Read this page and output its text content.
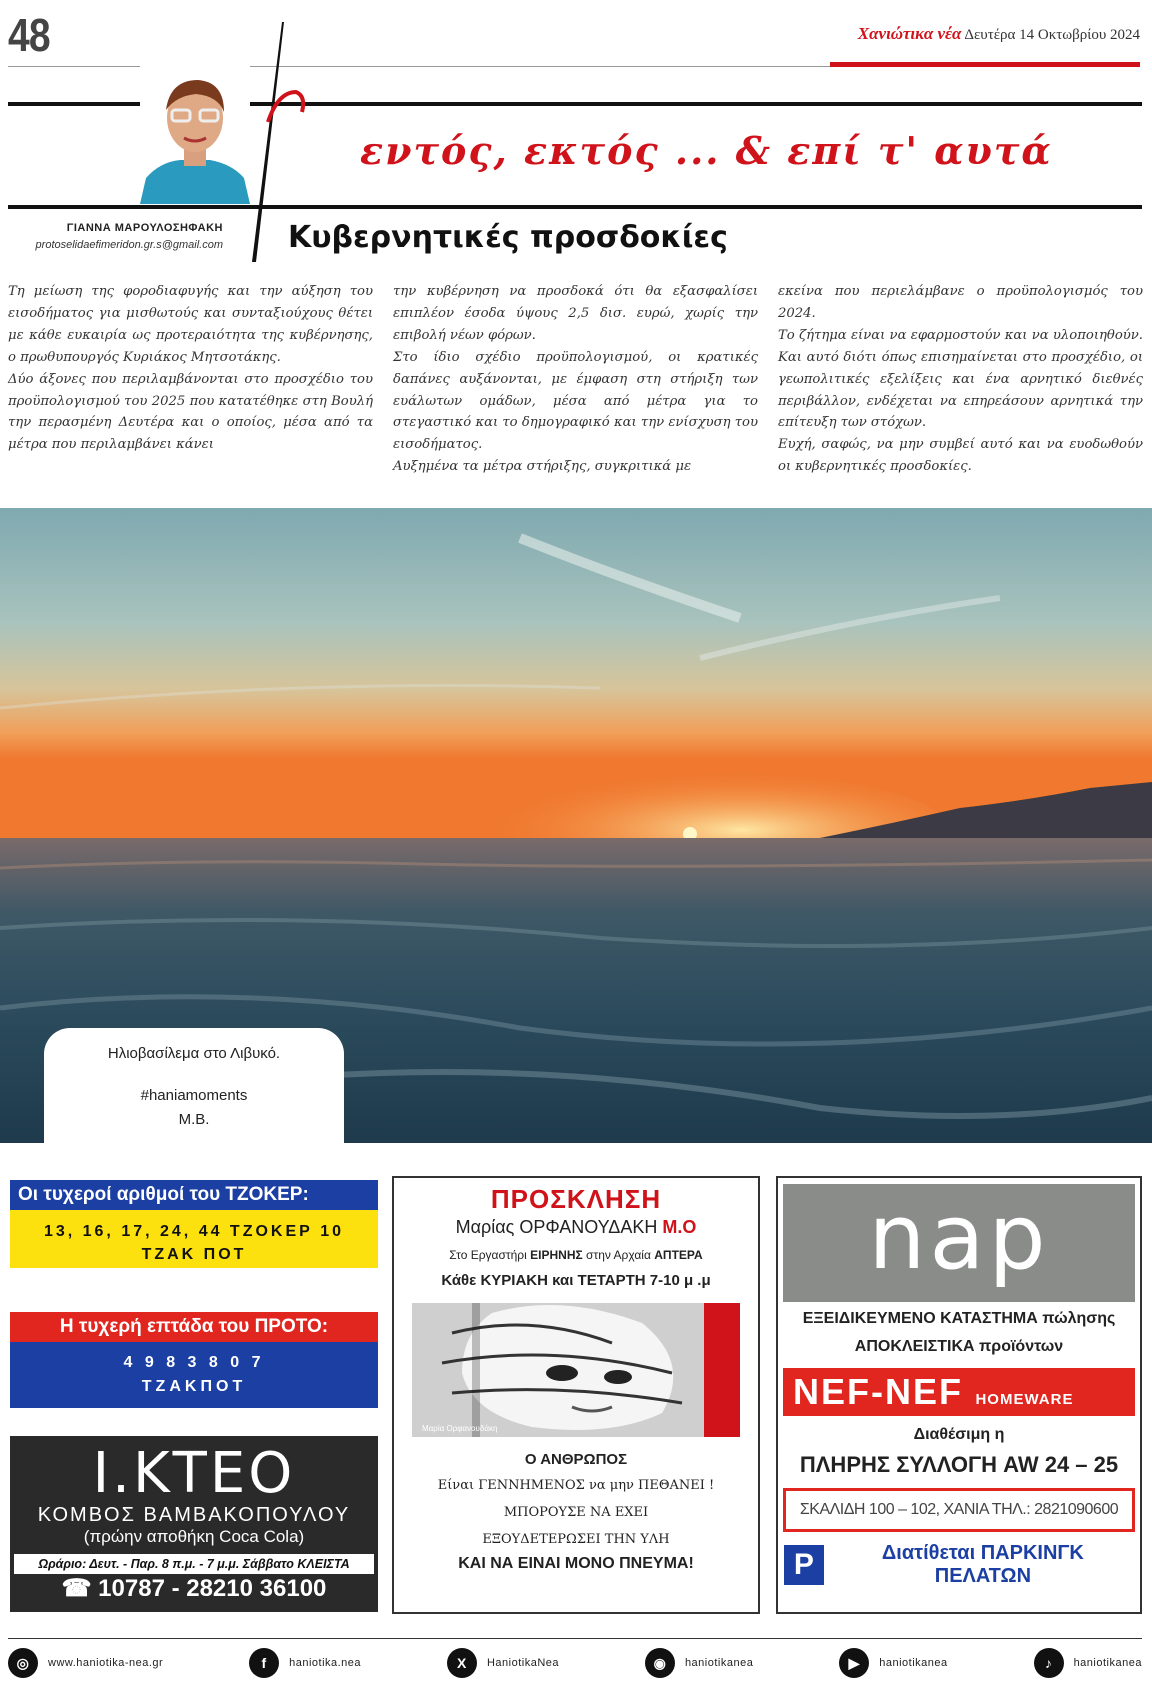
48	Χανιώτικα νέα Δευτέρα 14 Οκτωβρίου 2024
εντός, εκτός ... & επί τ' αυτά
ΓΙΑΝΝΑ ΜΑΡΟΥΛΟΣΗΦΑΚΗ
protoselidaefimeridon.gr.s@gmail.com Κυβερνητικές προσδοκίες

Τη μείωση της φοροδιαφυγής και την αύξηση του εισοδήματος για μισθωτούς και συνταξιούχους θέτει με κάθε ευκαιρία ως προτεραιότητα της κυβέρνησης, ο πρωθυπουργός Κυριάκος Μητσοτάκης.

Δύο άξονες που περιλαμβάνονται στο προσχέδιο του προϋπολογισμού του 2025 που κατατέθηκε στη Βουλή την περασμένη Δευτέρα και ο οποίος, μέσα από τα μέτρα που περιλαμβάνει κάνει

την κυβέρνηση να προσδοκά ότι θα εξασφαλίσει επιπλέον έσοδα ύψους 2,5 δισ. ευρώ, χωρίς την επιβολή νέων φόρων.

Στο ίδιο σχέδιο προϋπολογισμού, οι κρατικές δαπάνες αυξάνονται, με έμφαση στη στήριξη των ευάλωτων ομάδων, μέσα από μέτρα για το στεγαστικό και το δημογραφικό και την ενίσχυση του εισοδήματος.

Αυξημένα τα μέτρα στήριξης, συγκριτικά με

εκείνα που περιελάμβανε ο προϋπολογισμός του 2024.

Το ζήτημα είναι να εφαρμοστούν και να υλοποιηθούν. Και αυτό διότι όπως επισημαίνεται στο προσχέδιο, οι γεωπολιτικές εξελίξεις και ένα αρνητικό διεθνές περιβάλλον, ενδέχεται να επηρεάσουν αρνητικά την επίτευξη των στόχων.

Ευχή, σαφώς, να μην συμβεί αυτό και να ευοδωθούν οι κυβερνητικές προσδοκίες.

Ηλιοβασίλεμα στο Λιβυκό.
#haniamoments
Μ.Β.
Οι τυχεροί αριθμοί του ΤΖΟΚΕΡ:
13, 16, 17, 24, 44 ΤΖΟΚΕΡ 10
ΤΖΑΚ ΠΟΤ
Η τυχερή επτάδα του ΠΡΟΤΟ:
4 9 8 3 8 0 7
ΤΖΑΚΠΟΤ
Ι.ΚΤΕΟ
ΚΟΜΒΟΣ ΒΑΜΒΑΚΟΠΟΥΛΟΥ
(πρώην αποθήκη Coca Cola)
Ωράριο: Δευτ. - Παρ. 8 π.μ. - 7 μ.μ. Σάββατο ΚΛΕΙΣΤΑ
☎ 10787 - 28210 36100
ΠΡΟΣΚΛΗΣΗ
Μαρίας ΟΡΦΑΝΟΥΔΑΚΗ Μ.Ο
Στο Εργαστήρι ΕΙΡΗΝΗΣ στην Αρχαία ΑΠΤΕΡΑ
Κάθε ΚΥΡΙΑΚΗ και ΤΕΤΑΡΤΗ 7-10 μ .μ
Μαρία Ορφανουδάκη
Ο ΑΝΘΡΩΠΟΣ
Είναι ΓΕΝΝΗΜΕΝΟΣ να μην ΠΕΘΑΝΕΙ !
ΜΠΟΡΟΥΣΕ ΝΑ ΕΧΕΙ
ΕΞΟΥΔΕΤΕΡΩΣΕΙ ΤΗΝ ΥΛΗ
ΚΑΙ ΝΑ ΕΙΝΑΙ ΜΟΝΟ ΠΝΕΥΜΑ!
nap
ΕΞΕΙΔΙΚΕΥΜΕΝΟ ΚΑΤΑΣΤΗΜΑ πώλησης
ΑΠΟΚΛΕΙΣΤΙΚΑ προϊόντων
NEF-NEF HOMEWARE
Διαθέσιμη η
ΠΛΗΡΗΣ ΣΥΛΛΟΓΗ AW 24 – 25
ΣΚΑΛΙΔΗ 100 – 102, ΧΑΝΙΑ ΤΗΛ.: 2821090600
P	Διατίθεται ΠΑΡΚΙΝΓΚ ΠΕΛΑΤΩΝ
◎	www.haniotika-nea.gr	f	haniotika.nea	X	HaniotikaNea	◉	haniotikanea	▶	haniotikanea	♪	haniotikanea
